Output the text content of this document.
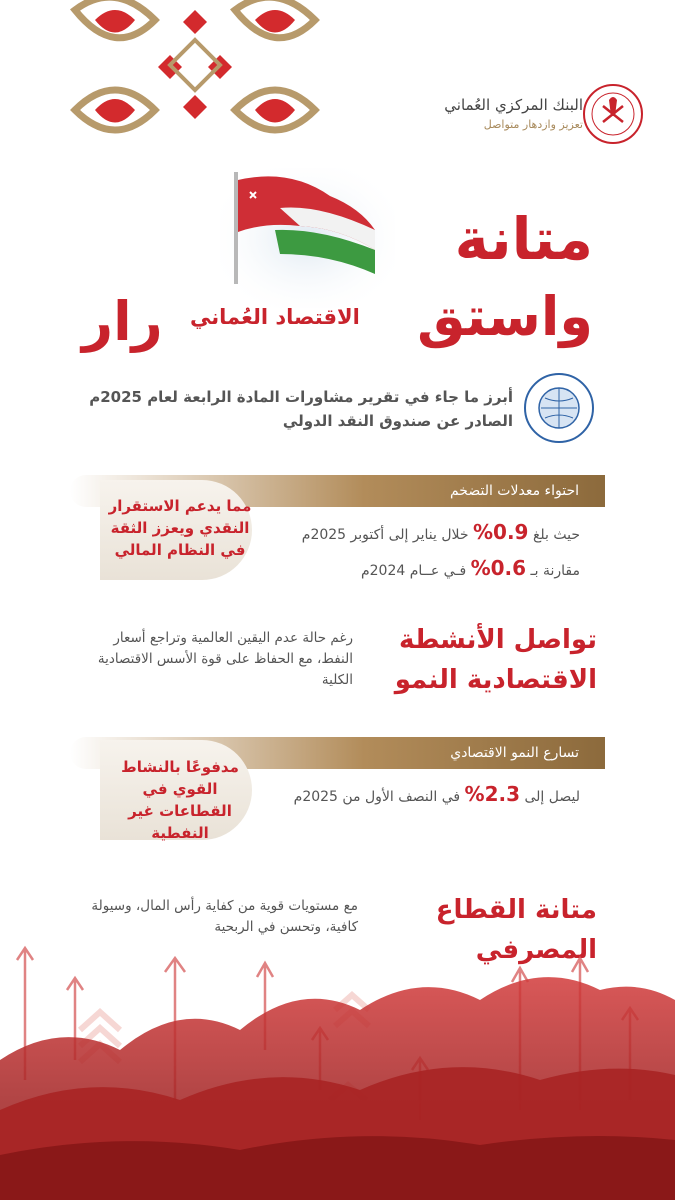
البنك المركزي العُماني
تعزيز وازدهار متواصل
متانة
واستق
رار الاقتصاد العُماني
أبرز ما جاء في تقرير مشاورات المادة الرابعة لعام 2025م
الصادر عن صندوق النقد الدولي
احتواء معدلات التضخم
مما يدعم الاستقرار النقدي ويعزز الثقة في النظام المالي
حيث بلغ 0.9% خلال يناير إلى أكتوبر 2025م
مقارنة بـ 0.6% فـي عــام 2024م
تواصل الأنشطة الاقتصادية النمو
رغم حالة عدم اليقين العالمية وتراجع أسعار النفط، مع الحفاظ على قوة الأسس الاقتصادية الكلية
تسارع النمو الاقتصادي
مدفوعًا بالنشاط القوي في القطاعات غير النفطية
ليصل إلى 2.3% في النصف الأول من 2025م
متانة القطاع المصرفي
مع مستويات قوية من كفاية رأس المال، وسيولة كافية، وتحسن في الربحية
